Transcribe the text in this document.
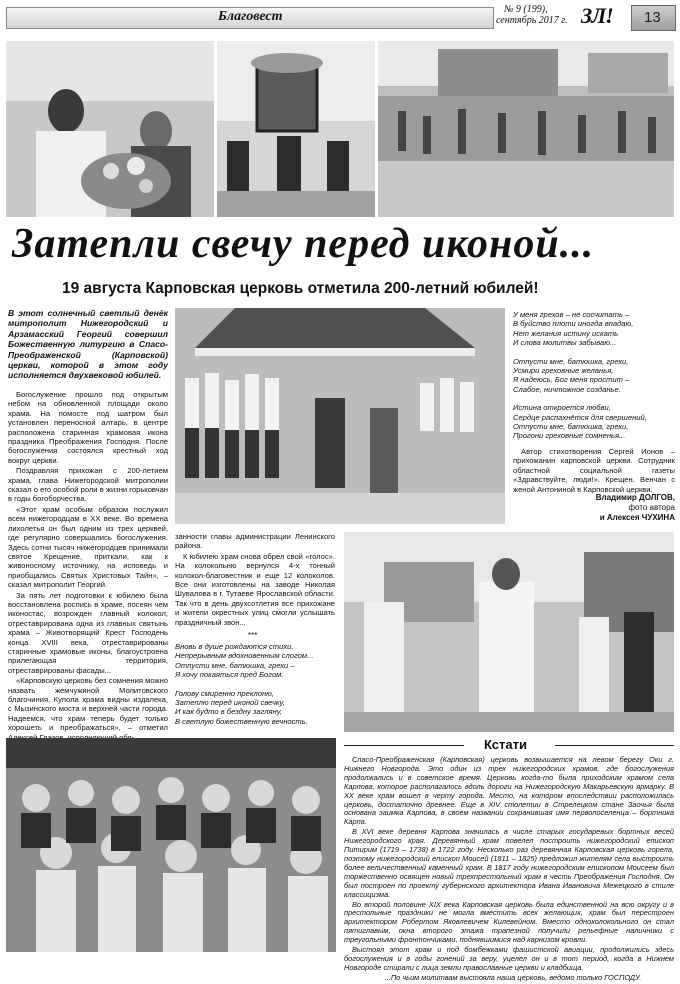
Благовест	№ 9 (199),
сентябрь 2017 г. ЗЛ! 13
Затепли свечу перед иконой...
19 августа Карповская церковь отметила 200-летний юбилей!
В этот солнечный светлый денёк митрополит Нижегородский и Арзамасский Георгий совершил Божественную литургию в Спасо-Преображенской (Карповской) церкви, которой в этом году исполняется двухвековой юбилей.

Богослужение прошло под открытым небом на обновленной площади около храма. На помосте под шатром был установлен переносной алтарь, в центре расположена старинная храмовая икона праздника Преображения Господня. После богослужения состоялся крестный ход вокруг церкви.

Поздравляя прихожан с 200-летием храма, глава Нижегородской митрополии сказал о его особой роли в жизни горьковчан в годы богоборчества.

«Этот храм особым образом послужил всем нижегородцам в XX веке. Во времена лихолетья он был одним из трех церквей, где регулярно совершались богослужения. Здесь сотни тысяч нижегородцев принимали святое Крещение, приткали, как к живоносному источнику, на исповедь и приобщались Святых Христовых Тайн», – сказал митрополит Георгий.

За пять лет подготовки к юбилею была восстановлена роспись в храме, посеян чем иконостас, возрожден главный колокол, отреставрирована одна из главных святынь храма – Животворящий Крест Господень конца XVIII века, отреставрированы старинные храмовые иконы, благоустроена прилегающая территория, отреставрированы фасады...

«Карповскую церковь без сомнения можно назвать жемчужиной Молитовского благочиния. Купола храма видны издалека, с Мызинского моста и верхней части города. Надеемся, что храм теперь будет только хорошеть и преображаться», – отметил

занности главы администрации Ленинского района.

К юбилею храм снова обрел свой «голос». На колокольню вернулся 4-х тонный колокол-благовестник и еще 12 колоколов. Все они изготовлены на заводе Николая Шувалова в г. Тутаеве Ярославской области. Так что в день двухсотлетия все прихожане и жители окрестных улиц смогли услышать праздничный звон...

***

Вновь в душе рождаются стихи,

Непрерывным вдохновенным слогом...

Отпусти мне, батюшка, грехи –

Я хочу покаяться пред Богом.

Голову смиренно преклоню,

Затеплю перед иконой свечку,

И как будто в бездну загляну,

В светлую божественную вечность.

У меня грехов – не сосчитать –

В буйство плоти иногда впадаю,

Нет желания истину искать

И слова молитвы забываю...

Отпусти мне, батюшка, грехи,

Усмири греховные желанья,

Я надеюсь, Бог меня простит –

Слабое, ничтожное созданье.

Истина откроется любви,

Сердце распахнётся для свершений,

Отпусти мне, батюшка, грехи,

Прогони греховные сомненья...

Автор стихотворения Сергей Ионов – прихожанин карповской церкви. Сотрудник областной социальной газеты «Здравствуйте, люди!». Крещен. Венчан с женой Антониной в Карповской церкви.
Владимир ДОЛГОВ,
фото автора
и Алексея ЧУХИНА
Кстати

Спасо-Преображенская (Карповская) церковь возвышается на левом берегу Оки г. Нижнего Новгорода. Это один из трех нижегородских храмов, где богослужения продолжались и в советское время. Церковь когда-то была приходским храмом села Карпова, которое располагалось вдоль дороги на Нижегородскую Макарьевскую ярмарку. В XX веке храм вошел в черту города. Место, на котором впоследствии расположилась церковь, достаточно древнее. Еще в XIV столетии в Стрелецком стане Заочья была основана заимка Карпова, в своем названии сохранившая имя первопоселенца – бортника Карпа.

В XVI веке деревня Карпова значилась в числе старых государевых бортных весей Нижегородского края. Деревянный храм повелел построить нижегородский епископ Питирим (1719 – 1738) в 1722 году. Несколько раз деревянная Карповская церковь горела, поэтому нижегородский епископ Моисей (1811 – 1825) предложил жителям села выстроить более величественный каменный храм. В 1817 году нижегородским епископом Моисеем был торжественно освящен новый трехпрестольный храм в честь Преображения Господня. Он был построен по проекту губернского архитектора Ивана Ивановича Межецкого в стиле классицизма.

Во второй половине XIX века Карповская церковь была единственной на всю округу и в престольные праздники не могла вместить всех желающих, храм был перестроен архитектором Робертом Яковлевичем Килевейном. Вместо одноколокольного он стал пятиглавым, окна второго этажа трапезной получили рельефные наличники с треугольными фронтончиками, поднявшимися над карнизом кровли.

Выстоял этот храм и под бомбежками фашистской авиации, продолжились здесь богослужения и в годы гонений за веру, уцелел он и в тот период, когда в Нижнем Новгороде стирали с лица земли православные церкви и кладбища.

...По чьим молитвам выстояла наша церковь, ведомо только ГОСПОДУ.
